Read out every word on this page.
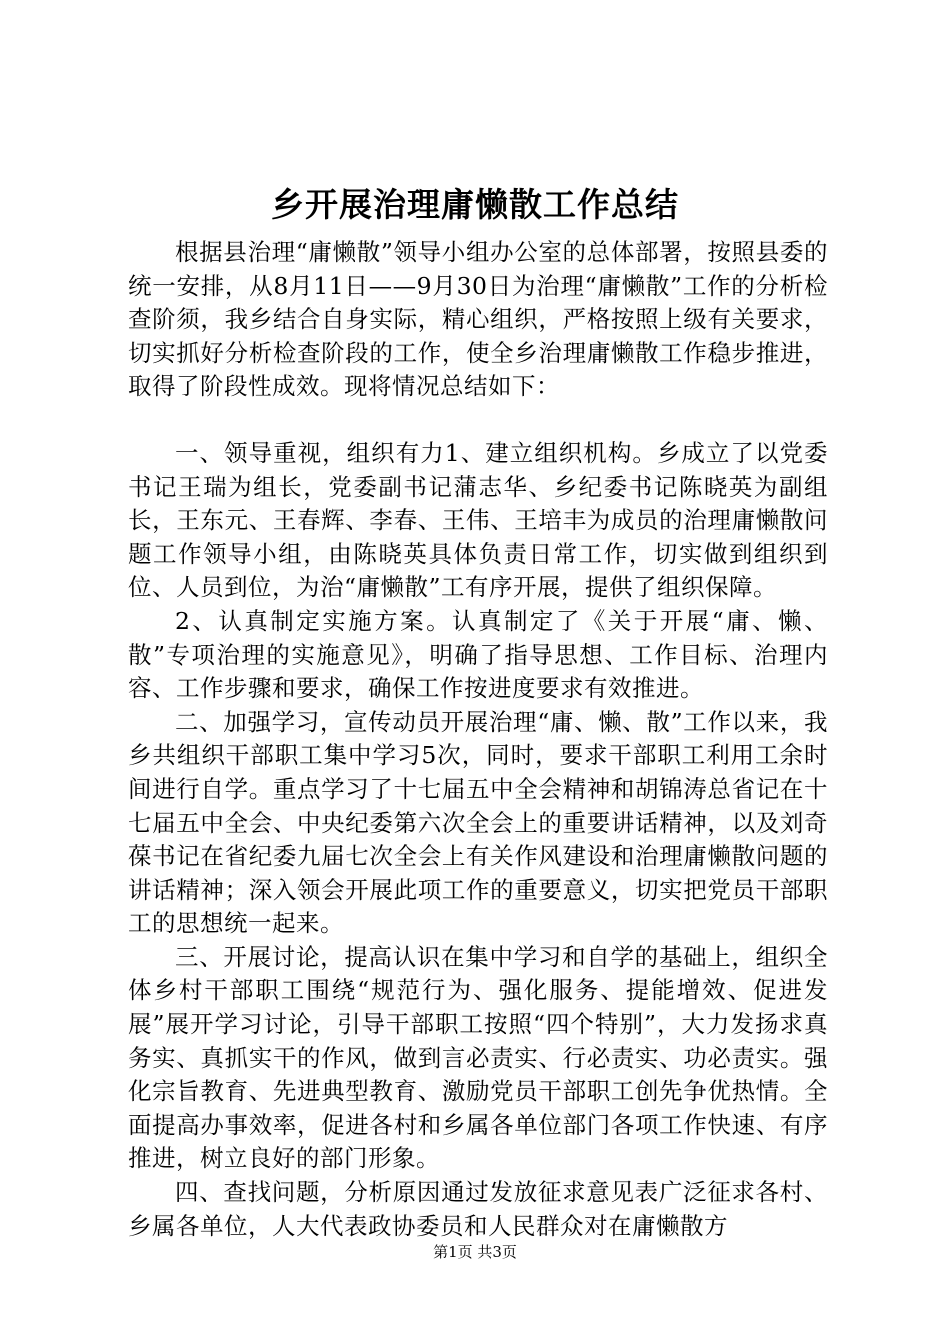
乡开展治理庸懒散工作总结

根据县治理“庸懒散”领导小组办公室的总体部署，按照县委的统一安排，从8月11日——9月30日为治理“庸懒散”工作的分析检查阶须，我乡结合自身实际，精心组织，严格按照上级有关要求，切实抓好分析检查阶段的工作，使全乡治理庸懒散工作稳步推进，取得了阶段性成效。现将情况总结如下：

一、领导重视，组织有力1、建立组织机构。乡成立了以党委书记王瑞为组长，党委副书记蒲志华、乡纪委书记陈晓英为副组长，王东元、王春辉、李春、王伟、王培丰为成员的治理庸懒散问题工作领导小组，由陈晓英具体负责日常工作，切实做到组织到位、人员到位，为治“庸懒散”工有序开展，提供了组织保障。

2、认真制定实施方案。认真制定了《关于开展“庸、懒、散”专项治理的实施意见》，明确了指导思想、工作目标、治理内容、工作步骤和要求，确保工作按进度要求有效推进。

二、加强学习，宣传动员开展治理“庸、懒、散”工作以来，我乡共组织干部职工集中学习5次，同时，要求干部职工利用工余时间进行自学。重点学习了十七届五中全会精神和胡锦涛总省记在十七届五中全会、中央纪委第六次全会上的重要讲话精神，以及刘奇葆书记在省纪委九届七次全会上有关作风建设和治理庸懒散问题的讲话精神；深入领会开展此项工作的重要意义，切实把党员干部职工的思想统一起来。

三、开展讨论，提高认识在集中学习和自学的基础上，组织全体乡村干部职工围绕“规范行为、强化服务、提能增效、促进发展”展开学习讨论，引导干部职工按照“四个特别”，大力发扬求真务实、真抓实干的作风，做到言必责实、行必责实、功必责实。强化宗旨教育、先进典型教育、激励党员干部职工创先争优热情。全面提高办事效率，促进各村和乡属各单位部门各项工作快速、有序推进，树立良好的部门形象。

四、查找问题，分析原因通过发放征求意见表广泛征求各村、乡属各单位，人大代表政协委员和人民群众对在庸懒散方

第1页 共3页
